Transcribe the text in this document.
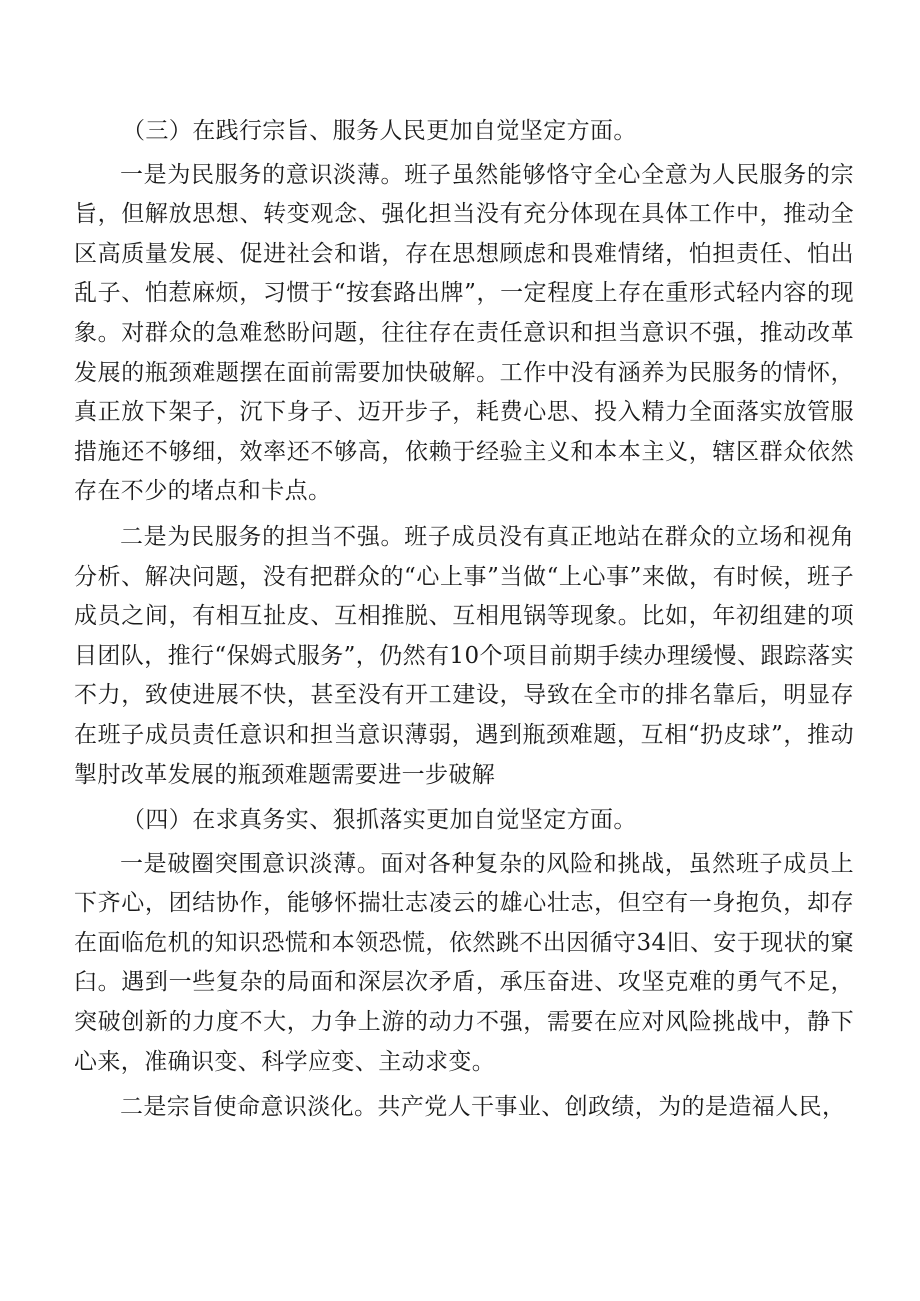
（三）在践行宗旨、服务人民更加自觉坚定方面。

一是为民服务的意识淡薄。班子虽然能够恪守全心全意为人民服务的宗旨，但解放思想、转变观念、强化担当没有充分体现在具体工作中，推动全区高质量发展、促进社会和谐，存在思想顾虑和畏难情绪，怕担责任、怕出乱子、怕惹麻烦，习惯于“按套路出牌”，一定程度上存在重形式轻内容的现象。对群众的急难愁盼问题，往往存在责任意识和担当意识不强，推动改革发展的瓶颈难题摆在面前需要加快破解。工作中没有涵养为民服务的情怀，真正放下架子，沉下身子、迈开步子，耗费心思、投入精力全面落实放管服措施还不够细，效率还不够高，依赖于经验主义和本本主义，辖区群众依然存在不少的堵点和卡点。

二是为民服务的担当不强。班子成员没有真正地站在群众的立场和视角分析、解决问题，没有把群众的“心上事”当做“上心事”来做，有时候，班子成员之间，有相互扯皮、互相推脱、互相甩锅等现象。比如，年初组建的项目团队，推行“保姆式服务”，仍然有10个项目前期手续办理缓慢、跟踪落实不力，致使进展不快，甚至没有开工建设，导致在全市的排名靠后，明显存在班子成员责任意识和担当意识薄弱，遇到瓶颈难题，互相“扔皮球”，推动掣肘改革发展的瓶颈难题需要进一步破解

（四）在求真务实、狠抓落实更加自觉坚定方面。

一是破圈突围意识淡薄。面对各种复杂的风险和挑战，虽然班子成员上下齐心，团结协作，能够怀揣壮志凌云的雄心壮志，但空有一身抱负，却存在面临危机的知识恐慌和本领恐慌，依然跳不出因循守34旧、安于现状的窠臼。遇到一些复杂的局面和深层次矛盾，承压奋进、攻坚克难的勇气不足，突破创新的力度不大，力争上游的动力不强，需要在应对风险挑战中，静下心来，准确识变、科学应变、主动求变。

二是宗旨使命意识淡化。共产党人干事业、创政绩，为的是造福人民，
